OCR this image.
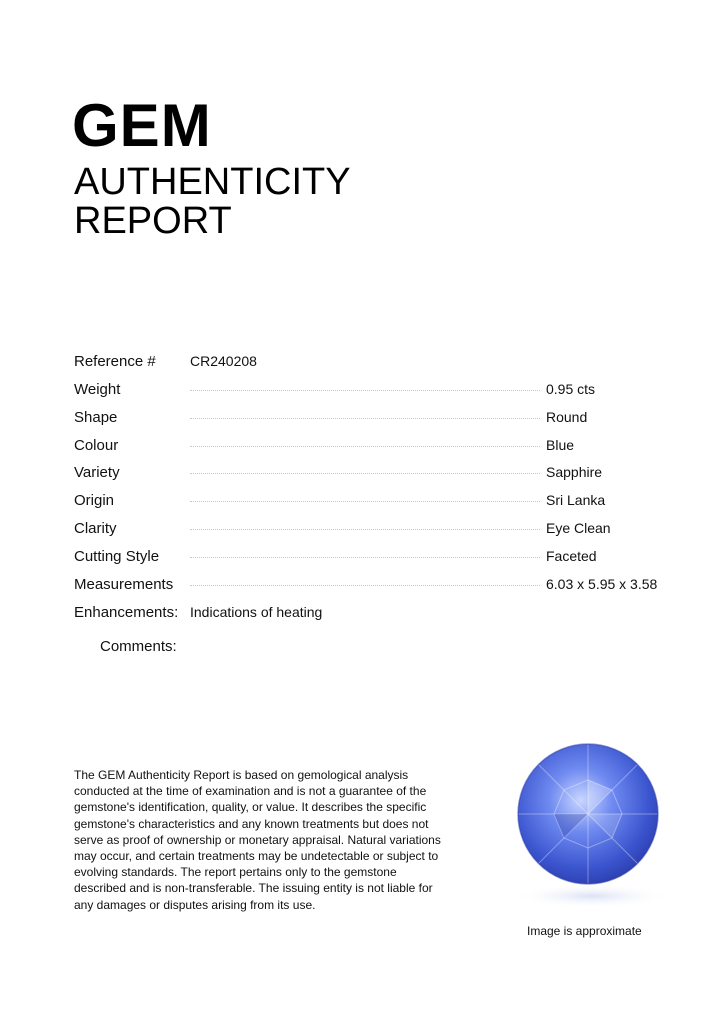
GEM
AUTHENTICITY
REPORT
Reference # CR240208
Weight	0.95 cts
Shape	Round
Colour	Blue
Variety	Sapphire
Origin	Sri Lanka
Clarity	Eye Clean
Cutting Style	Faceted
Measurements	6.03 x 5.95 x 3.58
Enhancements: Indications of heating
Comments:
The GEM Authenticity Report is based on gemological analysis conducted at the time of examination and is not a guarantee of the gemstone's identification, quality, or value. It describes the specific gemstone's characteristics and any known treatments but does not serve as proof of ownership or monetary appraisal. Natural variations may occur, and certain treatments may be undetectable or subject to evolving standards. The report pertains only to the gemstone described and is non-transferable. The issuing entity is not liable for any damages or disputes arising from its use.
Image is approximate
